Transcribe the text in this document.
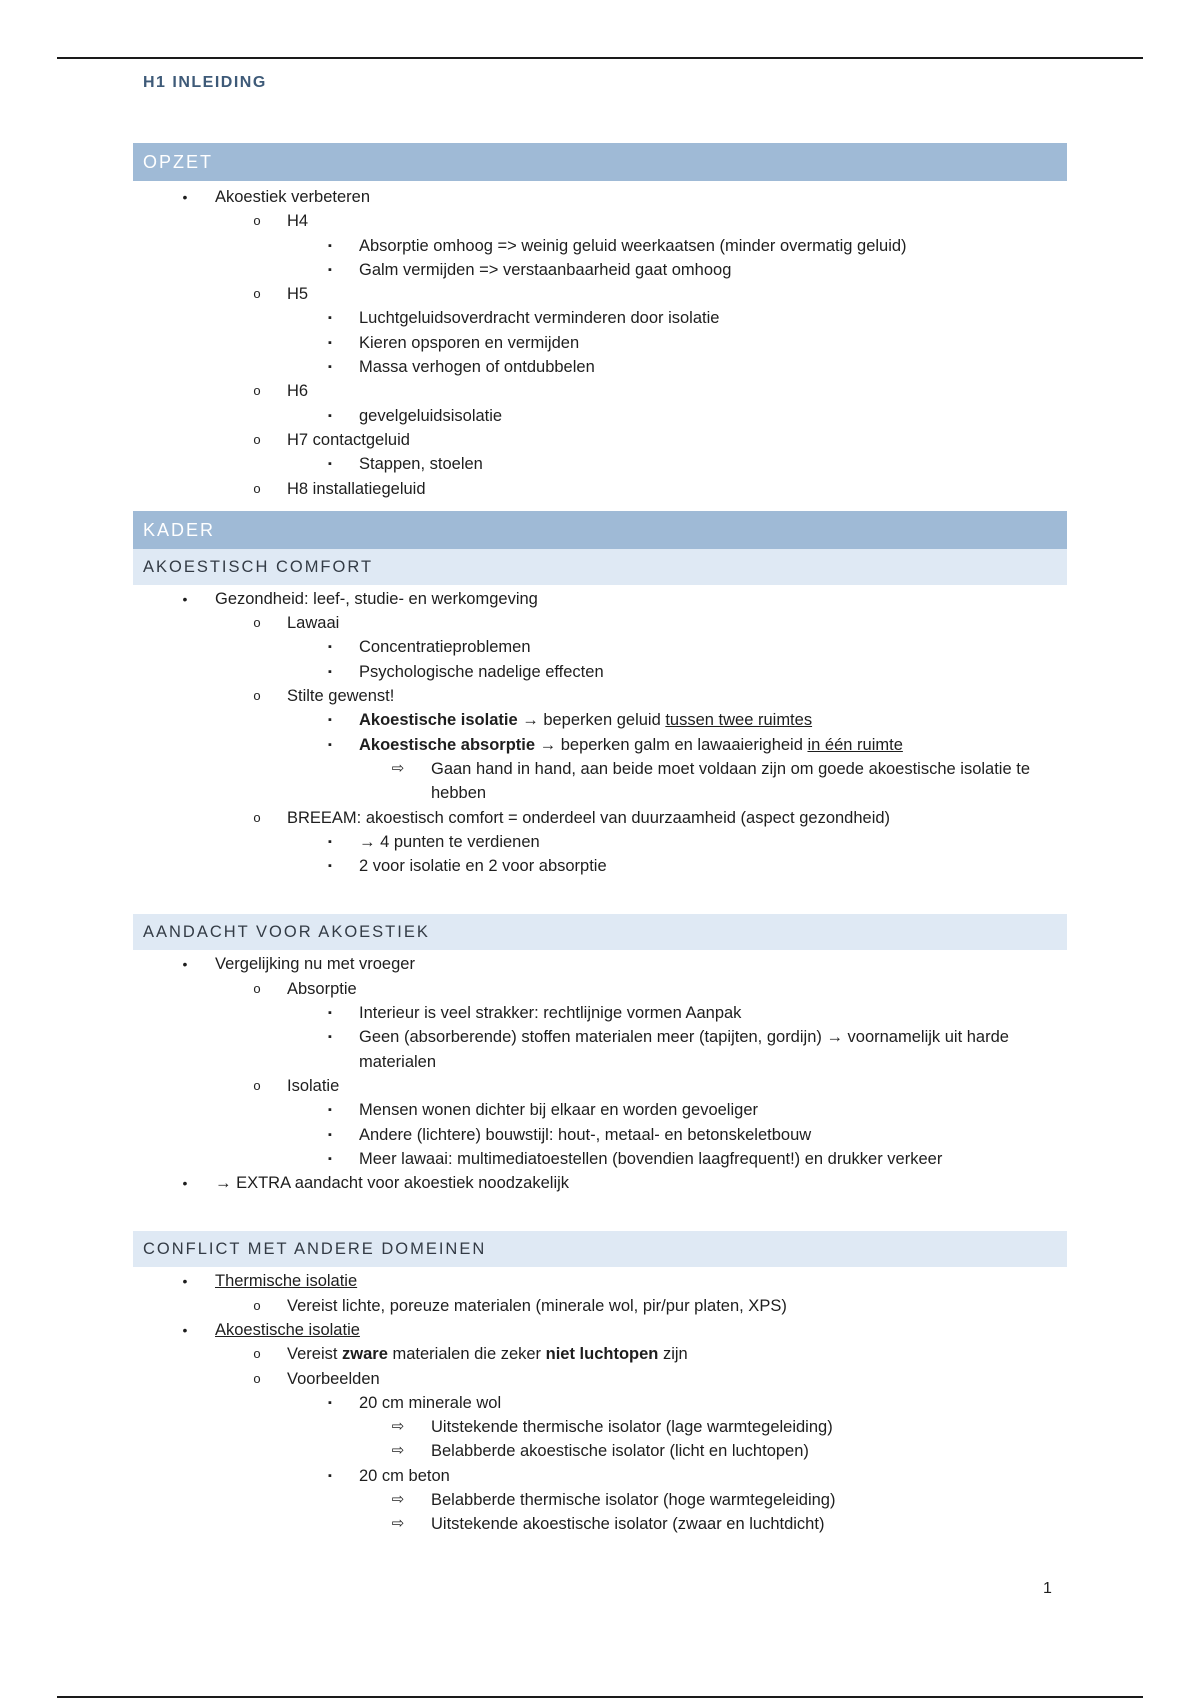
H1 INLEIDING
OPZET
•	Akoestiek verbeteren
o H4
▪	Absorptie omhoog => weinig geluid weerkaatsen (minder overmatig geluid)
▪	Galm vermijden => verstaanbaarheid gaat omhoog
o H5
▪	Luchtgeluidsoverdracht verminderen door isolatie
▪	Kieren opsporen en vermijden
▪	Massa verhogen of ontdubbelen
o H6
▪	gevelgeluidsisolatie
o H7 contactgeluid
▪	Stappen, stoelen
o H8 installatiegeluid
KADER
AKOESTISCH COMFORT
•	Gezondheid: leef-, studie- en werkomgeving
o Lawaai
▪	Concentratieproblemen
▪	Psychologische nadelige effecten
o Stilte gewenst!
▪	Akoestische isolatie → beperken geluid tussen twee ruimtes
▪	Akoestische absorptie → beperken galm en lawaaierigheid in één ruimte
⇨ Gaan hand in hand, aan beide moet voldaan zijn om goede akoestische isolatie te hebben
o BREEAM: akoestisch comfort = onderdeel van duurzaamheid (aspect gezondheid)
▪	→ 4 punten te verdienen
▪	2 voor isolatie en 2 voor absorptie
AANDACHT VOOR AKOESTIEK
•	Vergelijking nu met vroeger
o Absorptie
▪	Interieur is veel strakker: rechtlijnige vormen Aanpak
▪	Geen (absorberende) stoffen materialen meer (tapijten, gordijn) → voornamelijk uit harde materialen
o Isolatie
▪	Mensen wonen dichter bij elkaar en worden gevoeliger
▪	Andere (lichtere) bouwstijl: hout-, metaal- en betonskeletbouw
▪	Meer lawaai: multimediatoestellen (bovendien laagfrequent!) en drukker verkeer
•	→ EXTRA aandacht voor akoestiek noodzakelijk
CONFLICT MET ANDERE DOMEINEN
•	Thermische isolatie
o Vereist lichte, poreuze materialen (minerale wol, pir/pur platen, XPS)
•	Akoestische isolatie
o Vereist zware materialen die zeker niet luchtopen zijn
o Voorbeelden
▪	20 cm minerale wol
⇨ Uitstekende thermische isolator (lage warmtegeleiding)
⇨ Belabberde akoestische isolator (licht en luchtopen)
▪	20 cm beton
⇨ Belabberde thermische isolator (hoge warmtegeleiding)
⇨ Uitstekende akoestische isolator (zwaar en luchtdicht)
1
